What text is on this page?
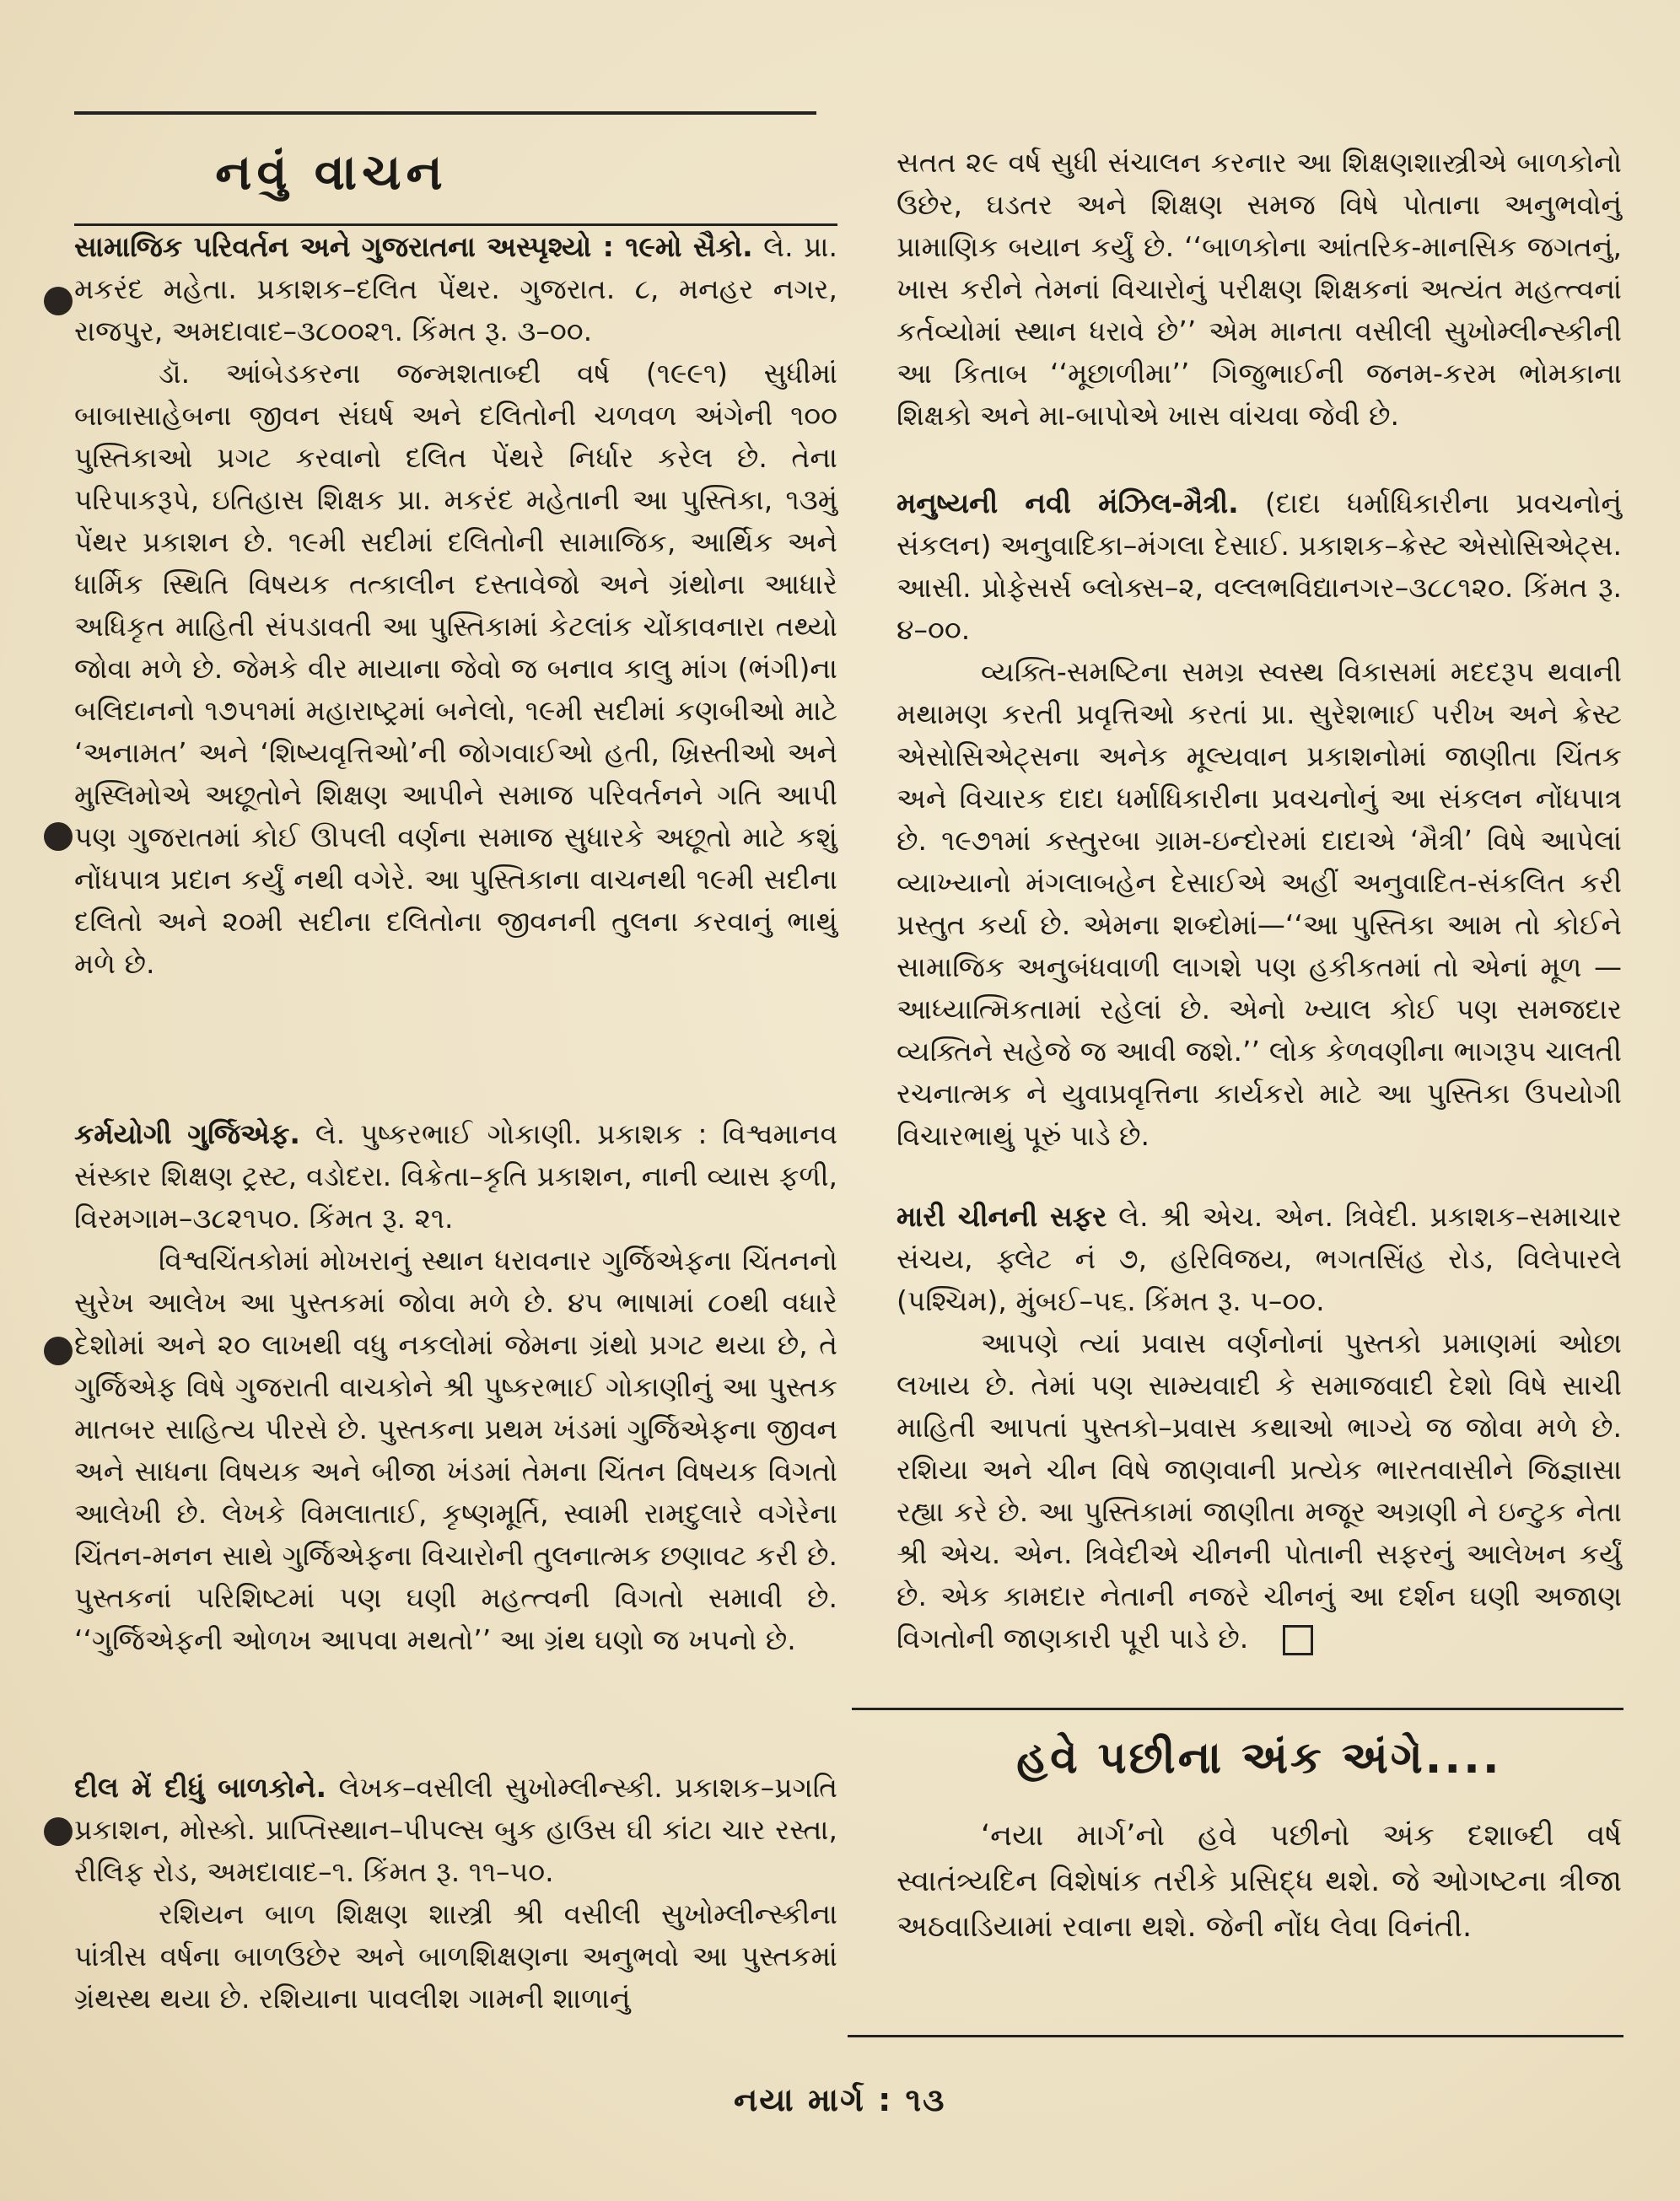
નવું વાચન

સામાજિક પરિવર્તન અને ગુજરાતના અસ્પૃશ્યો : ૧૯મો સૈકો. લે. પ્રા. મકરંદ મહેતા. પ્રકાશક–દલિત પેંથર. ગુજરાત. ૮, મનહર નગર, રાજપુર, અમદાવાદ–૩૮૦૦૨૧. કિંમત રૂ. ૩–૦૦.

ડૉ. આંબેડકરના જન્મશતાબ્દી વર્ષ (૧૯૯૧) સુધીમાં બાબાસાહેબના જીવન સંઘર્ષ અને દલિતોની ચળવળ અંગેની ૧૦૦ પુસ્તિકાઓ પ્રગટ કરવાનો દલિત પેંથરે નિર્ધાર કરેલ છે. તેના પરિપાકરૂપે, ઇતિહાસ શિક્ષક પ્રા. મકરંદ મહેતાની આ પુસ્તિકા, ૧૩મું પેંથર પ્રકાશન છે. ૧૯મી સદીમાં દલિતોની સામાજિક, આર્થિક અને ધાર્મિક સ્થિતિ વિષયક તત્કાલીન દસ્તાવેજો અને ગ્રંથોના આધારે અધિકૃત માહિતી સંપડાવતી આ પુસ્તિકામાં કેટલાંક ચોંકાવનારા તથ્યો જોવા મળે છે. જેમકે વીર માયાના જેવો જ બનાવ કાલુ માંગ (ભંગી)ના બલિદાનનો ૧૭૫૧માં મહારાષ્ટ્રમાં બનેલો, ૧૯મી સદીમાં કણબીઓ માટે ‘અનામત’ અને ‘શિષ્યવૃત્તિઓ’ની જોગવાઈઓ હતી, ખ્રિસ્તીઓ અને મુસ્લિમોએ અછૂતોને શિક્ષણ આપીને સમાજ પરિવર્તનને ગતિ આપી પણ ગુજરાતમાં કોઈ ઊપલી વર્ણના સમાજ સુધારકે અછૂતો માટે કશું નોંધપાત્ર પ્રદાન કર્યું નથી વગેરે. આ પુસ્તિકાના વાચનથી ૧૯મી સદીના દલિતો અને ૨૦મી સદીના દલિતોના જીવનની તુલના કરવાનું ભાથું મળે છે.

કર્મયોગી ગુર્જિએફ. લે. પુષ્કરભાઈ ગોકાણી. પ્રકાશક : વિશ્વમાનવ સંસ્કાર શિક્ષણ ટ્રસ્ટ, વડોદરા. વિક્રેતા–કૃતિ પ્રકાશન, નાની વ્યાસ ફળી, વિરમગામ–૩૮૨૧૫૦. કિંમત રૂ. ૨૧.

વિશ્વચિંતકોમાં મોખરાનું સ્થાન ધરાવનાર ગુર્જિએફના ચિંતનનો સુરેખ આલેખ આ પુસ્તકમાં જોવા મળે છે. ૪૫ ભાષામાં ૮૦થી વધારે દેશોમાં અને ૨૦ લાખથી વધુ નકલોમાં જેમના ગ્રંથો પ્રગટ થયા છે, તે ગુર્જિએફ વિષે ગુજરાતી વાચકોને શ્રી પુષ્કરભાઈ ગોકાણીનું આ પુસ્તક માતબર સાહિત્ય પીરસે છે. પુસ્તકના પ્રથમ ખંડમાં ગુર્જિએફના જીવન અને સાધના વિષયક અને બીજા ખંડમાં તેમના ચિંતન વિષયક વિગતો આલેખી છે. લેખકે વિમલાતાઈ, કૃષ્ણમૂર્તિ, સ્વામી રામદુલારે વગેરેના ચિંતન-મનન સાથે ગુર્જિએફના વિચારોની તુલનાત્મક છણાવટ કરી છે. પુસ્તકનાં પરિશિષ્ટમાં પણ ઘણી મહત્ત્વની વિગતો સમાવી છે. ‘‘ગુર્જિએફની ઓળખ આપવા મથતો’’ આ ગ્રંથ ઘણો જ ખપનો છે.

દીલ મેં દીધું બાળકોને. લેખક–વસીલી સુખોમ્લીન્સ્કી. પ્રકાશક–પ્રગતિ પ્રકાશન, મોસ્કો. પ્રાપ્તિસ્થાન–પીપલ્સ બુક હાઉસ ઘી કાંટા ચાર રસ્તા, રીલિફ રોડ, અમદાવાદ–૧. કિંમત રૂ. ૧૧–૫૦.

રશિયન બાળ શિક્ષણ શાસ્ત્રી શ્રી વસીલી સુખોમ્લીન્સ્કીના પાંત્રીસ વર્ષના બાળઉછેર અને બાળશિક્ષણના અનુભવો આ પુસ્તકમાં ગ્રંથસ્થ થયા છે. રશિયાના પાવલીશ ગામની શાળાનું

સતત ૨૯ વર્ષ સુધી સંચાલન કરનાર આ શિક્ષણશાસ્ત્રીએ બાળકોનો ઉછેર, ઘડતર અને શિક્ષણ સમજ વિષે પોતાના અનુભવોનું પ્રામાણિક બયાન કર્યું છે. ‘‘બાળકોના આંતરિક-માનસિક જગતનું, ખાસ કરીને તેમનાં વિચારોનું પરીક્ષણ શિક્ષકનાં અત્યંત મહત્ત્વનાં કર્તવ્યોમાં સ્થાન ધરાવે છે’’ એમ માનતા વસીલી સુખોમ્લીન્સ્કીની આ કિતાબ ‘‘મૂછાળીમા’’ ગિજુભાઈની જનમ-કરમ ભોમકાના શિક્ષકો અને મા-બાપોએ ખાસ વાંચવા જેવી છે.

મનુષ્યની નવી મંઝિલ-મૈત્રી. (દાદા ધર્માધિકારીના પ્રવચનોનું સંકલન) અનુવાદિકા–મંગલા દેસાઈ. પ્રકાશક–ક્રેસ્ટ એસોસિએટ્સ. આસી. પ્રોફેસર્સ બ્લોક્સ–૨, વલ્લભવિદ્યાનગર–૩૮૮૧૨૦. કિંમત રૂ. ૪–૦૦.

વ્યક્તિ-સમષ્ટિના સમગ્ર સ્વસ્થ વિકાસમાં મદદરૂપ થવાની મથામણ કરતી પ્રવૃત્તિઓ કરતાં પ્રા. સુરેશભાઈ પરીખ અને ક્રેસ્ટ એસોસિએટ્સના અનેક મૂલ્યવાન પ્રકાશનોમાં જાણીતા ચિંતક અને વિચારક દાદા ધર્માધિકારીના પ્રવચનોનું આ સંકલન નોંધપાત્ર છે. ૧૯૭૧માં કસ્તુરબા ગ્રામ-ઇન્દોરમાં દાદાએ ‘મૈત્રી’ વિષે આપેલાં વ્યાખ્યાનો મંગલાબહેન દેસાઈએ અહીં અનુવાદિત-સંકલિત કરી પ્રસ્તુત કર્યા છે. એમના શબ્દોમાં—‘‘આ પુસ્તિકા આમ તો કોઈને સામાજિક અનુબંધવાળી લાગશે પણ હકીકતમાં તો એનાં મૂળ — આધ્યાત્મિકતામાં રહેલાં છે. એનો ખ્યાલ કોઈ પણ સમજદાર વ્યક્તિને સહેજે જ આવી જશે.’’ લોક કેળવણીના ભાગરૂપ ચાલતી રચનાત્મક ને યુવાપ્રવૃત્તિના કાર્યકરો માટે આ પુસ્તિકા ઉપયોગી વિચારભાથું પૂરું પાડે છે.

મારી ચીનની સફર લે. શ્રી એચ. એન. ત્રિવેદી. પ્રકાશક–સમાચાર સંચય, ફ્લેટ નં ૭, હરિવિજય, ભગતસિંહ રોડ, વિલેપારલે (પશ્ચિમ), મુંબઈ–૫૬. કિંમત રૂ. ૫–૦૦.

આપણે ત્યાં પ્રવાસ વર્ણનોનાં પુસ્તકો પ્રમાણમાં ઓછા લખાય છે. તેમાં પણ સામ્યવાદી કે સમાજવાદી દેશો વિષે સાચી માહિતી આપતાં પુસ્તકો–પ્રવાસ કથાઓ ભાગ્યે જ જોવા મળે છે. રશિયા અને ચીન વિષે જાણવાની પ્રત્યેક ભારતવાસીને જિજ્ઞાસા રહ્યા કરે છે. આ પુસ્તિકામાં જાણીતા મજૂર અગ્રણી ને ઇન્ટુક નેતા શ્રી એચ. એન. ત્રિવેદીએ ચીનની પોતાની સફરનું આલેખન કર્યું છે. એક કામદાર નેતાની નજરે ચીનનું આ દર્શન ઘણી અજાણ વિગતોની જાણકારી પૂરી પાડે છે.

હવે પછીના અંક અંગે....

‘નયા માર્ગ’નો હવે પછીનો અંક દશાબ્દી વર્ષ સ્વાતંત્ર્યદિન વિશેષાંક તરીકે પ્રસિદ્ધ થશે. જે ઓગષ્ટના ત્રીજા અઠવાડિયામાં રવાના થશે. જેની નોંધ લેવા વિનંતી.

નયા માર્ગ : ૧૩
